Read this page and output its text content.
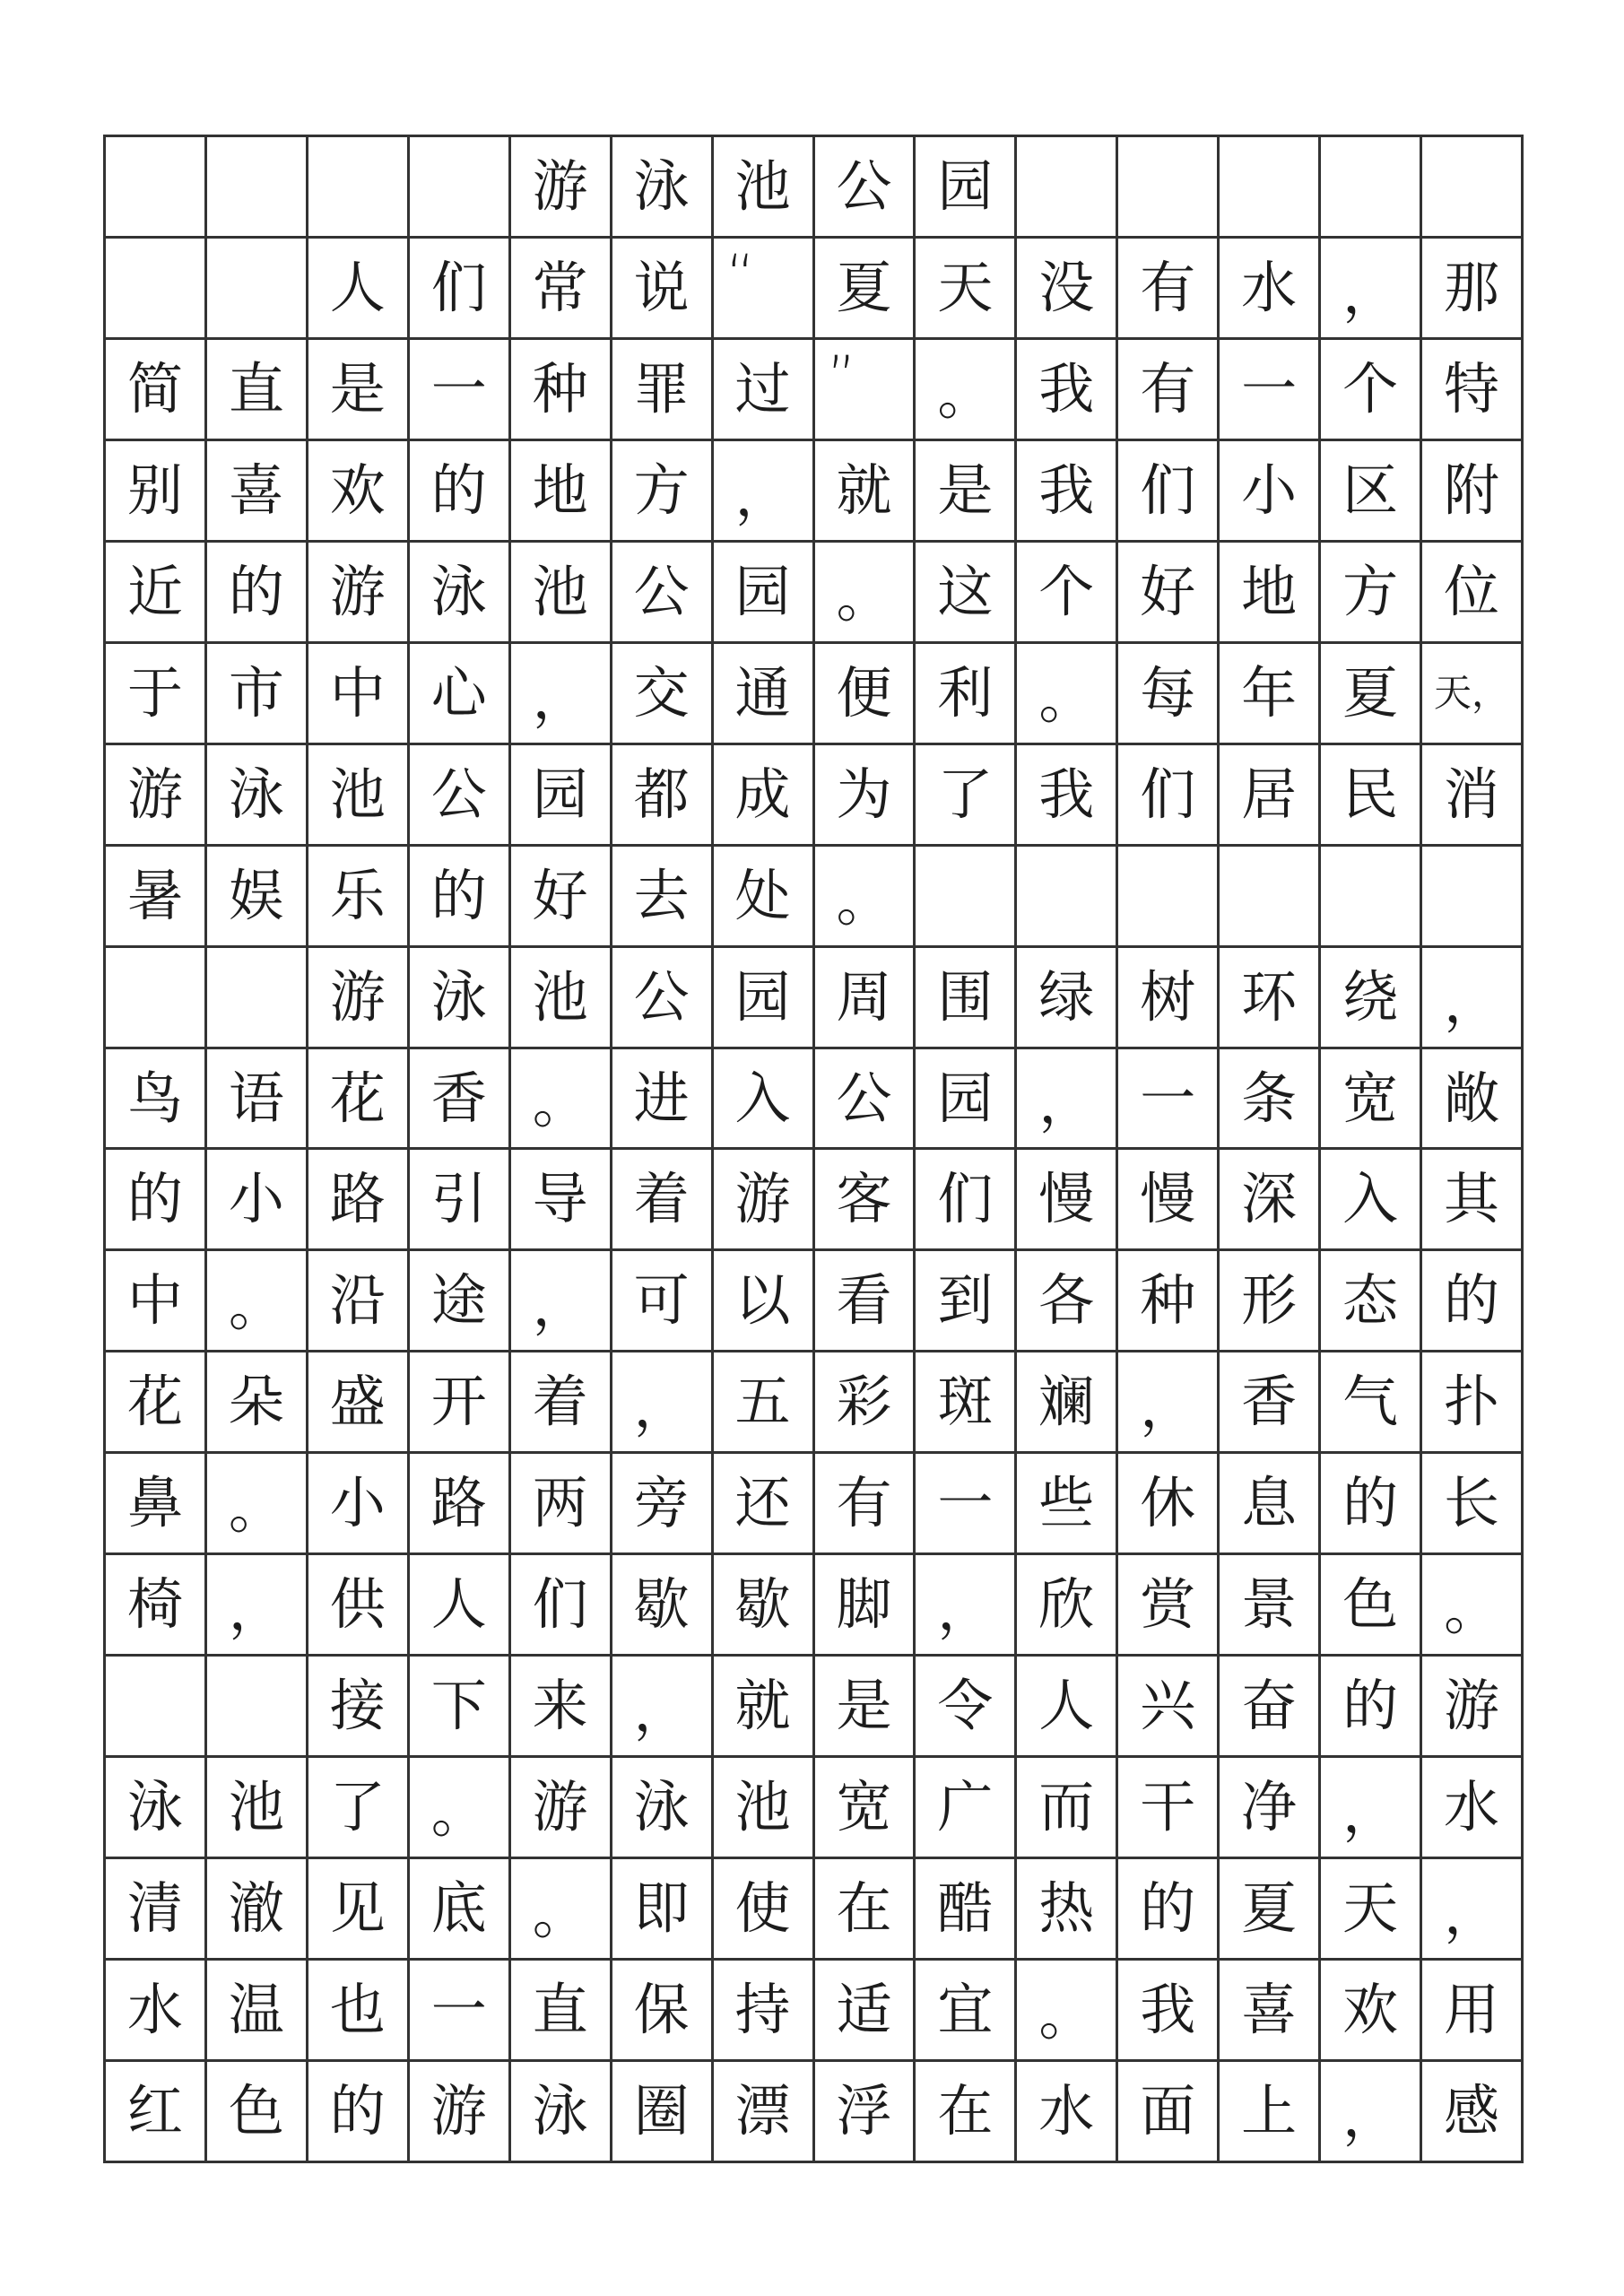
游 泳 池 公 园
人 们 常 说 “	夏 天 没 有 水 ， 那
简 直 是 一 种 罪 过 ”	。 我 有 一 个 特
别 喜 欢 的 地 方 ， 就 是 我 们 小 区 附
近 的 游 泳 池 公 园 。 这 个 好 地 方 位
于 市 中 心 ， 交 通 便 利 。 每 年 夏 天，
游 泳 池 公 园 都 成 为 了 我 们 居 民 消
暑 娱 乐 的 好 去 处 。
游 泳 池 公 园 周 围 绿 树 环 绕 ，
鸟 语 花 香 。 进 入 公 园 ， 一 条 宽 敞
的 小 路 引 导 着 游 客 们 慢 慢 深 入 其
中 。 沿 途 ， 可 以 看 到 各 种 形 态 的
花 朵 盛 开 着 ， 五 彩 斑 斓 ， 香 气 扑
鼻 。 小 路 两 旁 还 有 一 些 休 息 的 长
椅 ， 供 人 们 歇 歇 脚 ， 欣 赏 景 色 。
接 下 来 ， 就 是 令 人 兴 奋 的 游
泳 池 了 。 游 泳 池 宽 广 而 干 净 ， 水
清 澈 见 底 。 即 使 在 酷 热 的 夏 天 ，
水 温 也 一 直 保 持 适 宜 。 我 喜 欢 用
红 色 的 游 泳 圈 漂 浮 在 水 面 上 ， 感
